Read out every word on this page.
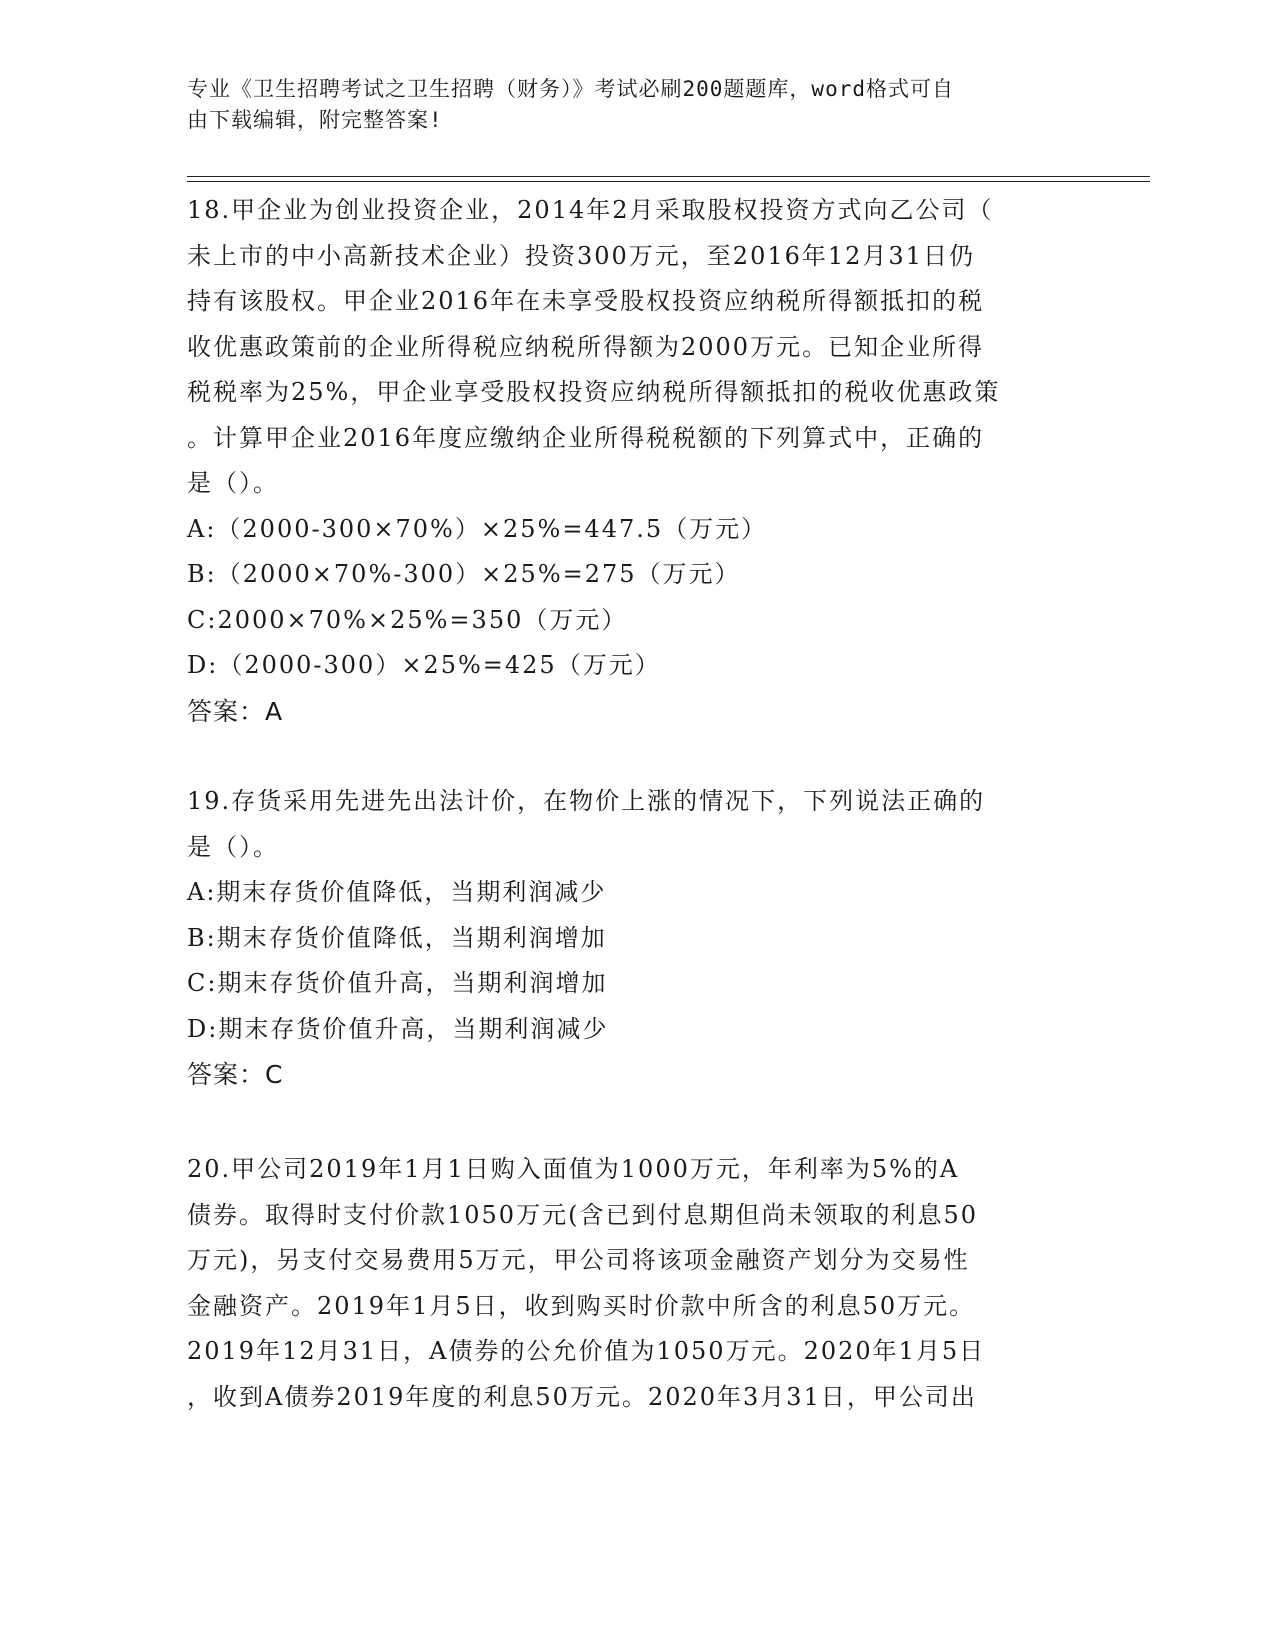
专业《卫生招聘考试之卫生招聘（财务）》考试必刷200题题库，word格式可自
由下载编辑，附完整答案!
18.甲企业为创业投资企业，2014年2月采取股权投资方式向乙公司（
未上市的中小高新技术企业）投资300万元，至2016年12月31日仍
持有该股权。甲企业2016年在未享受股权投资应纳税所得额抵扣的税
收优惠政策前的企业所得税应纳税所得额为2000万元。已知企业所得
税税率为25%，甲企业享受股权投资应纳税所得额抵扣的税收优惠政策
。计算甲企业2016年度应缴纳企业所得税税额的下列算式中，正确的
是（）。
A:（2000-300×70%）×25%=447.5（万元）
B:（2000×70%-300）×25%=275（万元）
C:2000×70%×25%=350（万元）
D:（2000-300）×25%=425（万元）
答案：A
19.存货采用先进先出法计价，在物价上涨的情况下，下列说法正确的
是（）。
A:期末存货价值降低，当期利润减少
B:期末存货价值降低，当期利润增加
C:期末存货价值升高，当期利润增加
D:期末存货价值升高，当期利润减少
答案：C
20.甲公司2019年1月1日购入面值为1000万元，年利率为5%的A
债券。取得时支付价款1050万元(含已到付息期但尚未领取的利息50
万元)，另支付交易费用5万元，甲公司将该项金融资产划分为交易性
金融资产。2019年1月5日，收到购买时价款中所含的利息50万元。
2019年12月31日，A债券的公允价值为1050万元。2020年1月5日
，收到A债券2019年度的利息50万元。2020年3月31日，甲公司出
